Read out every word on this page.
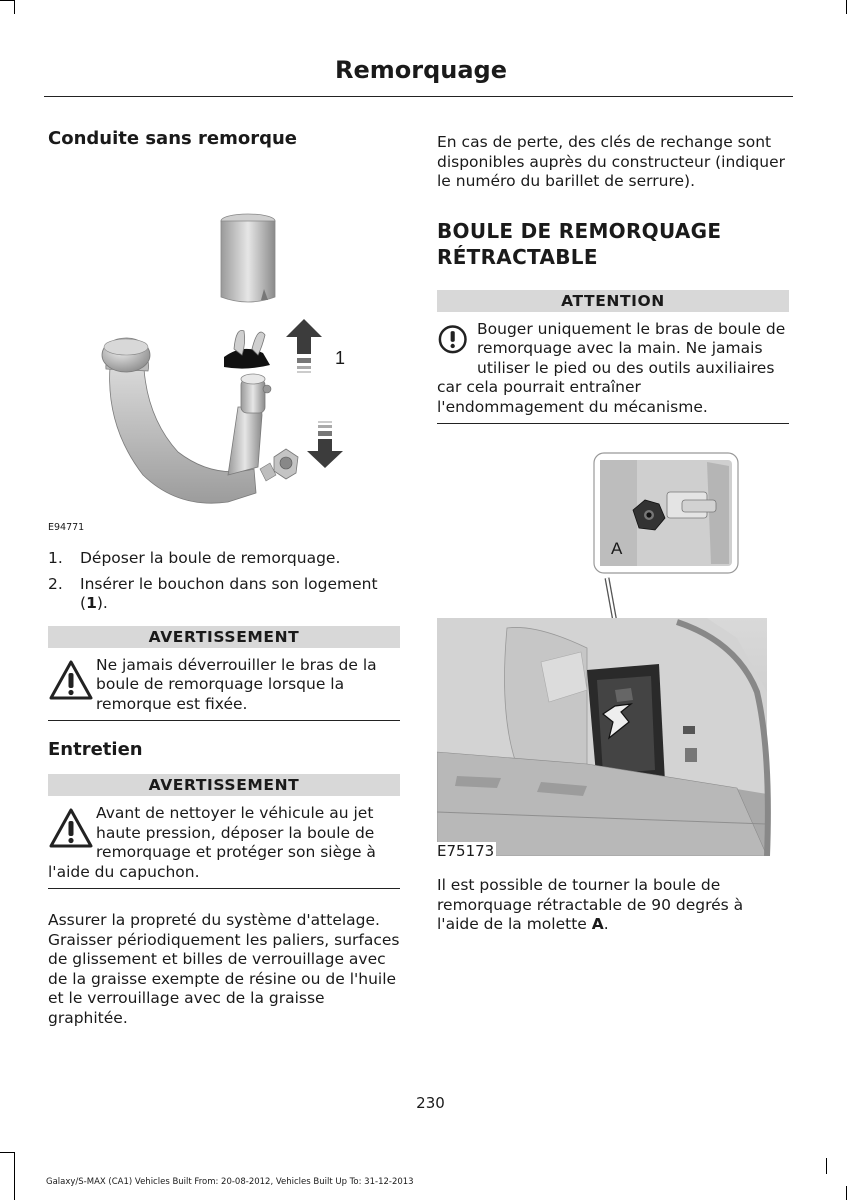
Remorquage
Conduite sans remorque
1
E94771
1. Déposer la boule de remorquage.
2. Insérer le bouchon dans son logement (1).
AVERTISSEMENT

Ne jamais déverrouiller le bras de la boule de remorquage lorsque la remorque est fixée.

Entretien
AVERTISSEMENT

Avant de nettoyer le véhicule au jet haute pression, déposer la boule de remorquage et protéger son siège à l'aide du capuchon.

Assurer la propreté du système d'attelage. Graisser périodiquement les paliers, surfaces de glissement et billes de verrouillage avec de la graisse exempte de résine ou de l'huile et le verrouillage avec de la graisse graphitée.

En cas de perte, des clés de rechange sont disponibles auprès du constructeur (indiquer le numéro du barillet de serrure).

BOULE DE REMORQUAGE
RÉTRACTABLE
ATTENTION

Bouger uniquement le bras de boule de remorquage avec la main. Ne jamais utiliser le pied ou des outils auxiliaires car cela pourrait entraîner l'endommagement du mécanisme.

A
E75173

Il est possible de tourner la boule de remorquage rétractable de 90 degrés à l'aide de la molette A.

230
Galaxy/S-MAX (CA1) Vehicles Built From: 20-08-2012, Vehicles Built Up To: 31-12-2013
